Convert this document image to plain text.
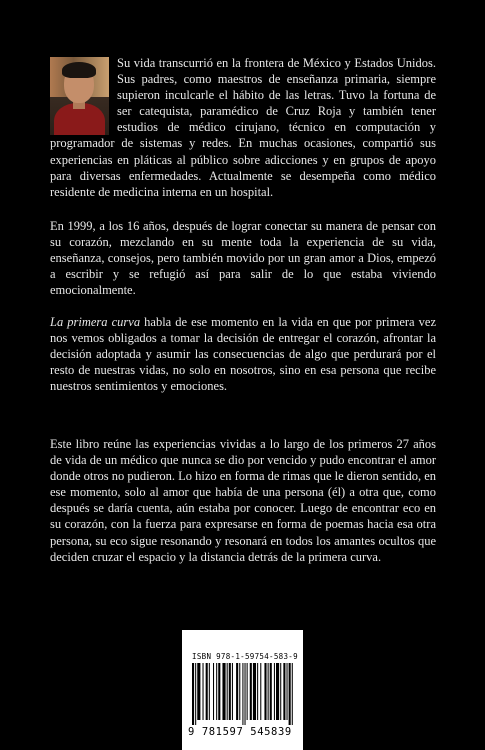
Su vida transcurrió en la frontera de México y Estados Unidos. Sus padres, como maestros de enseñanza primaria, siempre supieron inculcarle el hábito de las letras. Tuvo la fortuna de ser catequista, paramédico de Cruz Roja y también tener estudios de médico cirujano, técnico en computación y programador de sistemas y redes. En muchas ocasiones, compartió sus experiencias en pláticas al público sobre adicciones y en grupos de apoyo para diversas enfermedades. Actualmente se desempeña como médico residente de medicina interna en un hospital.

En 1999, a los 16 años, después de lograr conectar su manera de pensar con su corazón, mezclando en su mente toda la experiencia de su vida, enseñanza, consejos, pero también movido por un gran amor a Dios, empezó a escribir y se refugió así para salir de lo que estaba viviendo emocionalmente.

La primera curva habla de ese momento en la vida en que por primera vez nos vemos obligados a tomar la decisión de entregar el corazón, afrontar la decisión adoptada y asumir las consecuencias de algo que perdurará por el resto de nuestras vidas, no solo en nosotros, sino en esa persona que recibe nuestros sentimientos y emociones.

Este libro reúne las experiencias vividas a lo largo de los primeros 27 años de vida de un médico que nunca se dio por vencido y pudo encontrar el amor donde otros no pudieron. Lo hizo en forma de rimas que le dieron sentido, en ese momento, solo al amor que había de una persona (él) a otra que, como después se daría cuenta, aún estaba por conocer. Luego de encontrar eco en su corazón, con la fuerza para expresarse en forma de poemas hacia esa otra persona, su eco sigue resonando y resonará en todos los amantes ocultos que deciden cruzar el espacio y la distancia detrás de la primera curva.

ISBN 978-1-59754-583-9
9 781597 545839
